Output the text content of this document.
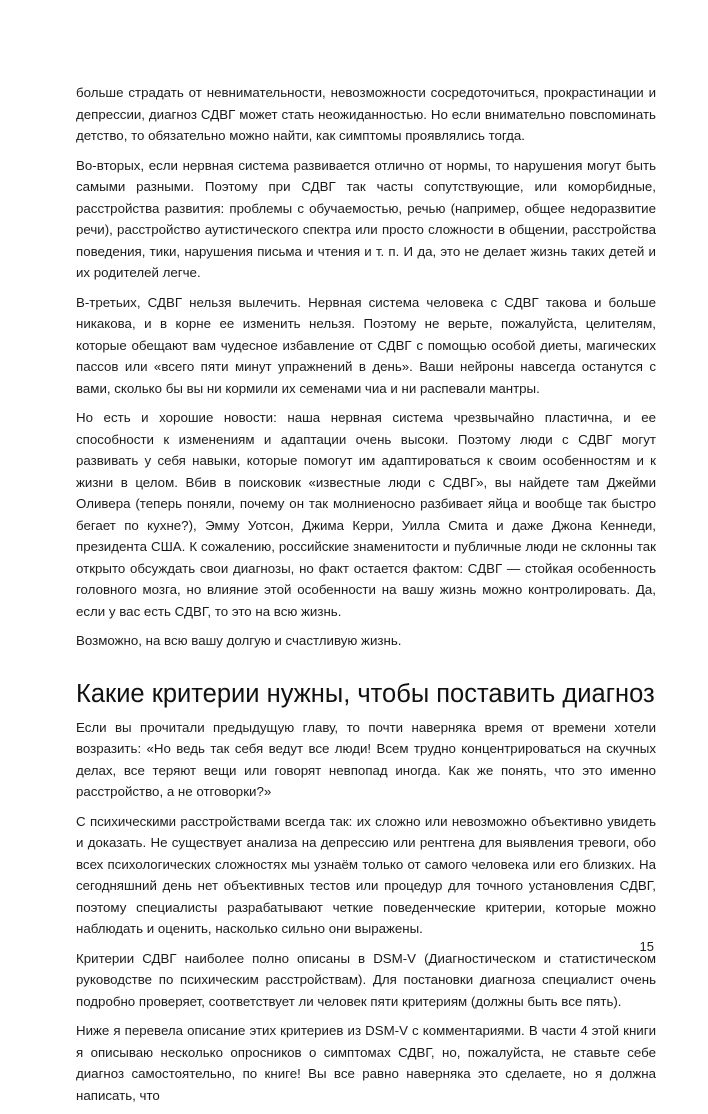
больше страдать от невнимательности, невозможности сосредоточиться, прокрастинации и депрессии, диагноз СДВГ может стать неожиданностью. Но если внимательно повспоминать детство, то обязательно можно найти, как симптомы проявлялись тогда.

Во-вторых, если нервная система развивается отлично от нормы, то нарушения могут быть самыми разными. Поэтому при СДВГ так часты сопутствующие, или коморбидные, расстройства развития: проблемы с обучаемостью, речью (например, общее недоразвитие речи), расстройство аутистического спектра или просто сложности в общении, расстройства поведения, тики, нарушения письма и чтения и т. п. И да, это не делает жизнь таких детей и их родителей легче.

В-третьих, СДВГ нельзя вылечить. Нервная система человека с СДВГ такова и больше никакова, и в корне ее изменить нельзя. Поэтому не верьте, пожалуйста, целителям, которые обещают вам чудесное избавление от СДВГ с помощью особой диеты, магических пассов или «всего пяти минут упражнений в день». Ваши нейроны навсегда останутся с вами, сколько бы вы ни кормили их семенами чиа и ни распевали мантры.

Но есть и хорошие новости: наша нервная система чрезвычайно пластична, и ее способности к изменениям и адаптации очень высоки. Поэтому люди с СДВГ могут развивать у себя навыки, которые помогут им адаптироваться к своим особенностям и к жизни в целом. Вбив в поисковик «известные люди с СДВГ», вы найдете там Джейми Оливера (теперь поняли, почему он так молниеносно разбивает яйца и вообще так быстро бегает по кухне?), Эмму Уотсон, Джима Керри, Уилла Смита и даже Джона Кеннеди, президента США. К сожалению, российские знаменитости и публичные люди не склонны так открыто обсуждать свои диагнозы, но факт остается фактом: СДВГ — стойкая особенность головного мозга, но влияние этой особенности на вашу жизнь можно контролировать. Да, если у вас есть СДВГ, то это на всю жизнь.

Возможно, на всю вашу долгую и счастливую жизнь.

Какие критерии нужны, чтобы поставить диагноз

Если вы прочитали предыдущую главу, то почти наверняка время от времени хотели возразить: «Но ведь так себя ведут все люди! Всем трудно концентрироваться на скучных делах, все теряют вещи или говорят невпопад иногда. Как же понять, что это именно расстройство, а не отговорки?»

С психическими расстройствами всегда так: их сложно или невозможно объективно увидеть и доказать. Не существует анализа на депрессию или рентгена для выявления тревоги, обо всех психологических сложностях мы узнаём только от самого человека или его близких. На сегодняшний день нет объективных тестов или процедур для точного установления СДВГ, поэтому специалисты разрабатывают четкие поведенческие критерии, которые можно наблюдать и оценить, насколько сильно они выражены.

Критерии СДВГ наиболее полно описаны в DSM-V (Диагностическом и статистическом руководстве по психическим расстройствам). Для постановки диагноза специалист очень подробно проверяет, соответствует ли человек пяти критериям (должны быть все пять).

Ниже я перевела описание этих критериев из DSM-V с комментариями. В части 4 этой книги я описываю несколько опросников о симптомах СДВГ, но, пожалуйста, не ставьте себе диагноз самостоятельно, по книге! Вы все равно наверняка это сделаете, но я должна написать, что

15
